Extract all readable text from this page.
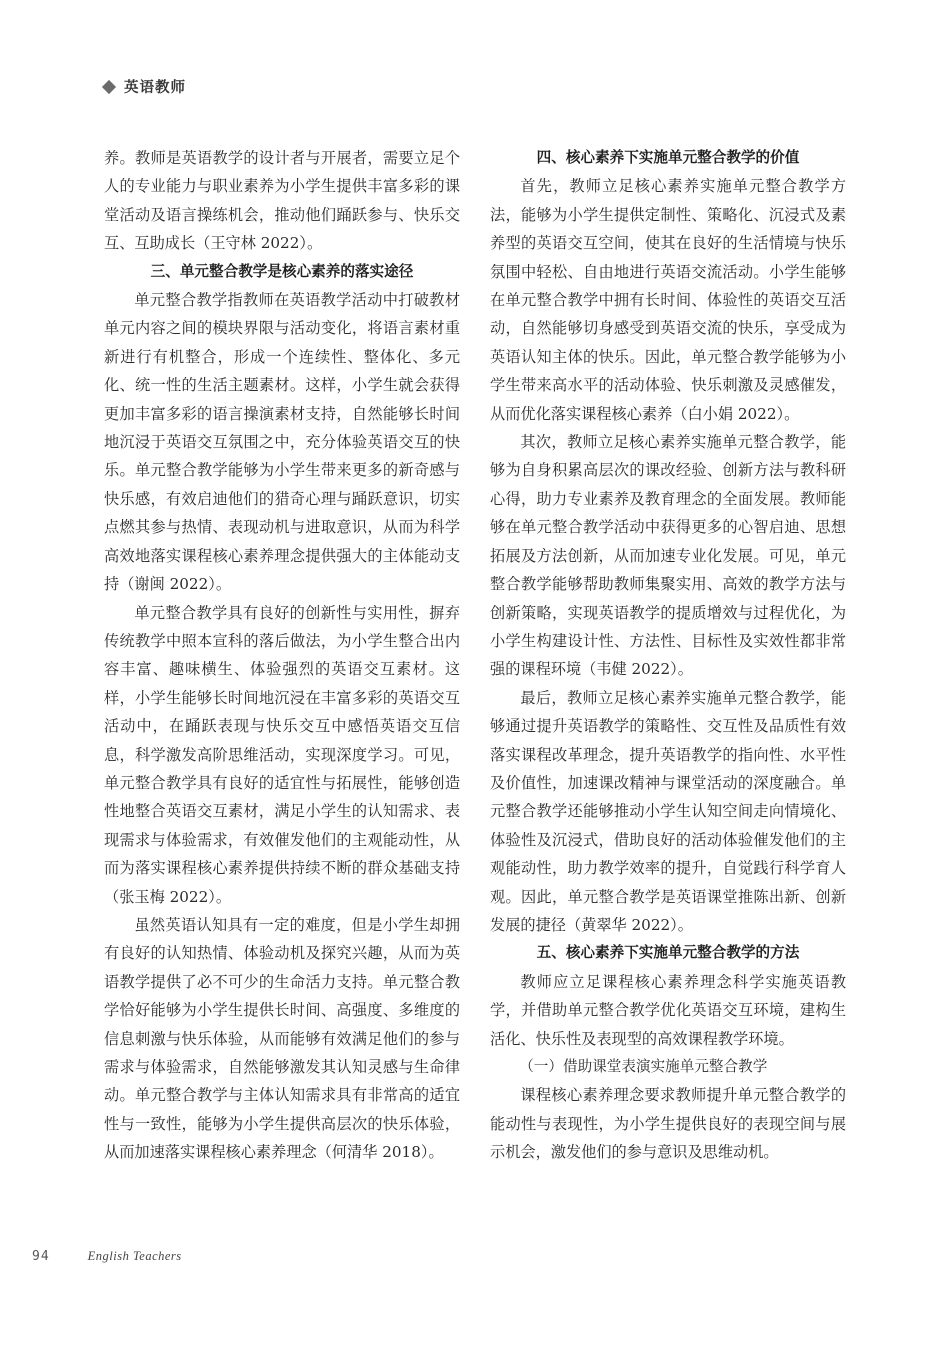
英语教师

养。教师是英语教学的设计者与开展者，需要立足个人的专业能力与职业素养为小学生提供丰富多彩的课堂活动及语言操练机会，推动他们踊跃参与、快乐交互、互助成长（王守林 2022）。

三、单元整合教学是核心素养的落实途径

单元整合教学指教师在英语教学活动中打破教材单元内容之间的模块界限与活动变化，将语言素材重新进行有机整合，形成一个连续性、整体化、多元化、统一性的生活主题素材。这样，小学生就会获得更加丰富多彩的语言操演素材支持，自然能够长时间地沉浸于英语交互氛围之中，充分体验英语交互的快乐。单元整合教学能够为小学生带来更多的新奇感与快乐感，有效启迪他们的猎奇心理与踊跃意识，切实点燃其参与热情、表现动机与进取意识，从而为科学高效地落实课程核心素养理念提供强大的主体能动支持（谢闽 2022）。

单元整合教学具有良好的创新性与实用性，摒弃传统教学中照本宣科的落后做法，为小学生整合出内容丰富、趣味横生、体验强烈的英语交互素材。这样，小学生能够长时间地沉浸在丰富多彩的英语交互活动中，在踊跃表现与快乐交互中感悟英语交互信息，科学激发高阶思维活动，实现深度学习。可见，单元整合教学具有良好的适宜性与拓展性，能够创造性地整合英语交互素材，满足小学生的认知需求、表现需求与体验需求，有效催发他们的主观能动性，从而为落实课程核心素养提供持续不断的群众基础支持（张玉梅 2022）。

虽然英语认知具有一定的难度，但是小学生却拥有良好的认知热情、体验动机及探究兴趣，从而为英语教学提供了必不可少的生命活力支持。单元整合教学恰好能够为小学生提供长时间、高强度、多维度的信息刺激与快乐体验，从而能够有效满足他们的参与需求与体验需求，自然能够激发其认知灵感与生命律动。单元整合教学与主体认知需求具有非常高的适宜性与一致性，能够为小学生提供高层次的快乐体验，从而加速落实课程核心素养理念（何清华 2018）。

四、核心素养下实施单元整合教学的价值

首先，教师立足核心素养实施单元整合教学方法，能够为小学生提供定制性、策略化、沉浸式及素养型的英语交互空间，使其在良好的生活情境与快乐氛围中轻松、自由地进行英语交流活动。小学生能够在单元整合教学中拥有长时间、体验性的英语交互活动，自然能够切身感受到英语交流的快乐，享受成为英语认知主体的快乐。因此，单元整合教学能够为小学生带来高水平的活动体验、快乐刺激及灵感催发，从而优化落实课程核心素养（白小娟 2022）。

其次，教师立足核心素养实施单元整合教学，能够为自身积累高层次的课改经验、创新方法与教科研心得，助力专业素养及教育理念的全面发展。教师能够在单元整合教学活动中获得更多的心智启迪、思想拓展及方法创新，从而加速专业化发展。可见，单元整合教学能够帮助教师集聚实用、高效的教学方法与创新策略，实现英语教学的提质增效与过程优化，为小学生构建设计性、方法性、目标性及实效性都非常强的课程环境（韦健 2022）。

最后，教师立足核心素养实施单元整合教学，能够通过提升英语教学的策略性、交互性及品质性有效落实课程改革理念，提升英语教学的指向性、水平性及价值性，加速课改精神与课堂活动的深度融合。单元整合教学还能够推动小学生认知空间走向情境化、体验性及沉浸式，借助良好的活动体验催发他们的主观能动性，助力教学效率的提升，自觉践行科学育人观。因此，单元整合教学是英语课堂推陈出新、创新发展的捷径（黄翠华 2022）。

五、核心素养下实施单元整合教学的方法

教师应立足课程核心素养理念科学实施英语教学，并借助单元整合教学优化英语交互环境，建构生活化、快乐性及表现型的高效课程教学环境。

（一）借助课堂表演实施单元整合教学

课程核心素养理念要求教师提升单元整合教学的能动性与表现性，为小学生提供良好的表现空间与展示机会，激发他们的参与意识及思维动机。

94	English Teachers
